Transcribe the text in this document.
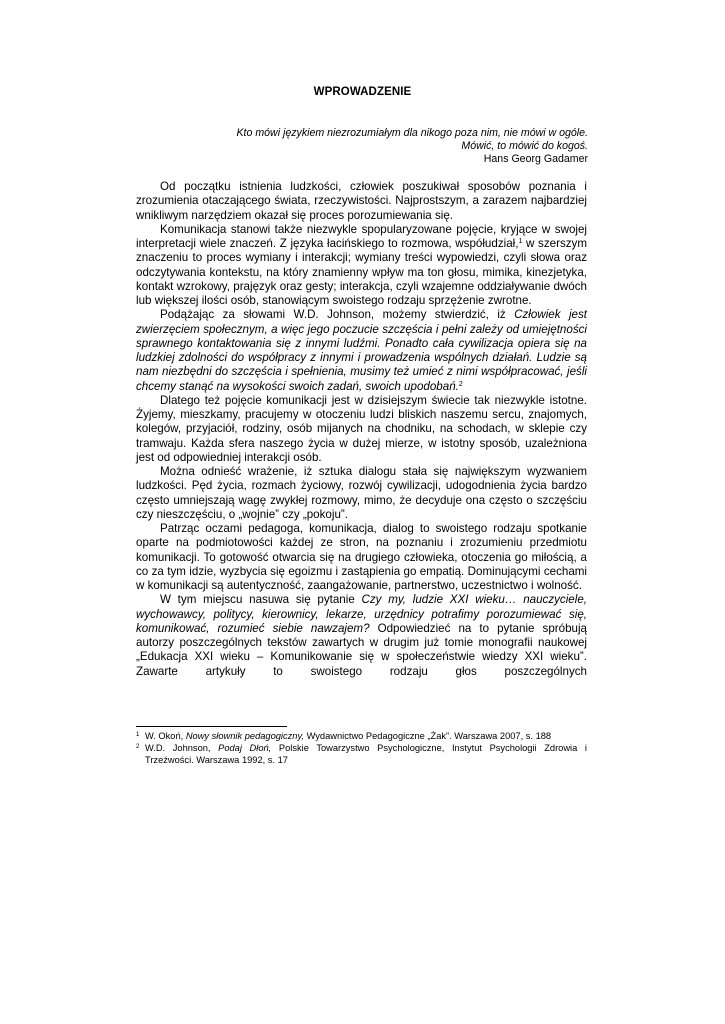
WPROWADZENIE
Kto mówi językiem niezrozumiałym dla nikogo poza nim, nie mówi w ogóle.
Mówić, to mówić do kogoś.
Hans Georg Gadamer

Od początku istnienia ludzkości, człowiek poszukiwał sposobów poznania i zrozumienia otaczającego świata, rzeczywistości. Najprostszym, a zarazem najbardziej wnikliwym narzędziem okazał się proces porozumiewania się.

Komunikacja stanowi także niezwykle spopularyzowane pojęcie, kryjące w swojej interpretacji wiele znaczeń. Z języka łacińskiego to rozmowa, współudział,$^1$ w szerszym znaczeniu to proces wymiany i interakcji; wymiany treści wypowiedzi, czyli słowa oraz odczytywania kontekstu, na który znamienny wpływ ma ton głosu, mimika, kinezjetyka, kontakt wzrokowy, prajęzyk oraz gesty; interakcja, czyli wzajemne oddziaływanie dwóch lub większej ilości osób, stanowiącym swoistego rodzaju sprzężenie zwrotne.

Podążając za słowami W.D. Johnson, możemy stwierdzić, iż Człowiek jest zwierzęciem społecznym, a więc jego poczucie szczęścia i pełni zależy od umiejętności sprawnego kontaktowania się z innymi ludźmi. Ponadto cała cywilizacja opiera się na ludzkiej zdolności do współpracy z innymi i prowadzenia wspólnych działań. Ludzie są nam niezbędni do szczęścia i spełnienia, musimy też umieć z nimi współpracować, jeśli chcemy stanąć na wysokości swoich zadań, swoich upodobań.$^2$

Dlatego też pojęcie komunikacji jest w dzisiejszym świecie tak niezwykle istotne. Żyjemy, mieszkamy, pracujemy w otoczeniu ludzi bliskich naszemu sercu, znajomych, kolegów, przyjaciół, rodziny, osób mijanych na chodniku, na schodach, w sklepie czy tramwaju. Każda sfera naszego życia w dużej mierze, w istotny sposób, uzależniona jest od odpowiedniej interakcji osób.

Można odnieść wrażenie, iż sztuka dialogu stała się największym wyzwaniem ludzkości. Pęd życia, rozmach życiowy, rozwój cywilizacji, udogodnienia życia bardzo często umniejszają wagę zwykłej rozmowy, mimo, że decyduje ona często o szczęściu czy nieszczęściu, o „wojnie” czy „pokoju”.

Patrząc oczami pedagoga, komunikacja, dialog to swoistego rodzaju spotkanie oparte na podmiotowości każdej ze stron, na poznaniu i zrozumieniu przedmiotu komunikacji. To gotowość otwarcia się na drugiego człowieka, otoczenia go miłością, a co za tym idzie, wyzbycia się egoizmu i zastąpienia go empatią. Dominującymi cechami w komunikacji są autentyczność, zaangażowanie, partnerstwo, uczestnictwo i wolność.

W tym miejscu nasuwa się pytanie Czy my, ludzie XXI wieku… nauczyciele, wychowawcy, politycy, kierownicy, lekarze, urzędnicy potrafimy porozumiewać się, komunikować, rozumieć siebie nawzajem? Odpowiedzieć na to pytanie spróbują autorzy poszczególnych tekstów zawartych w drugim już tomie monografii naukowej „Edukacja XXI wieku – Komunikowanie się w społeczeństwie wiedzy XXI wieku”. Zawarte artykuły to swoistego rodzaju głos poszczególnych

$^1$ W. Okoń, Nowy słownik pedagogiczny, Wydawnictwo Pedagogiczne „Żak”. Warszawa 2007, s. 188
$^2$ W.D. Johnson, Podaj Dłoń, Polskie Towarzystwo Psychologiczne, Instytut Psychologii Zdrowia i Trzeźwości. Warszawa 1992, s. 17
